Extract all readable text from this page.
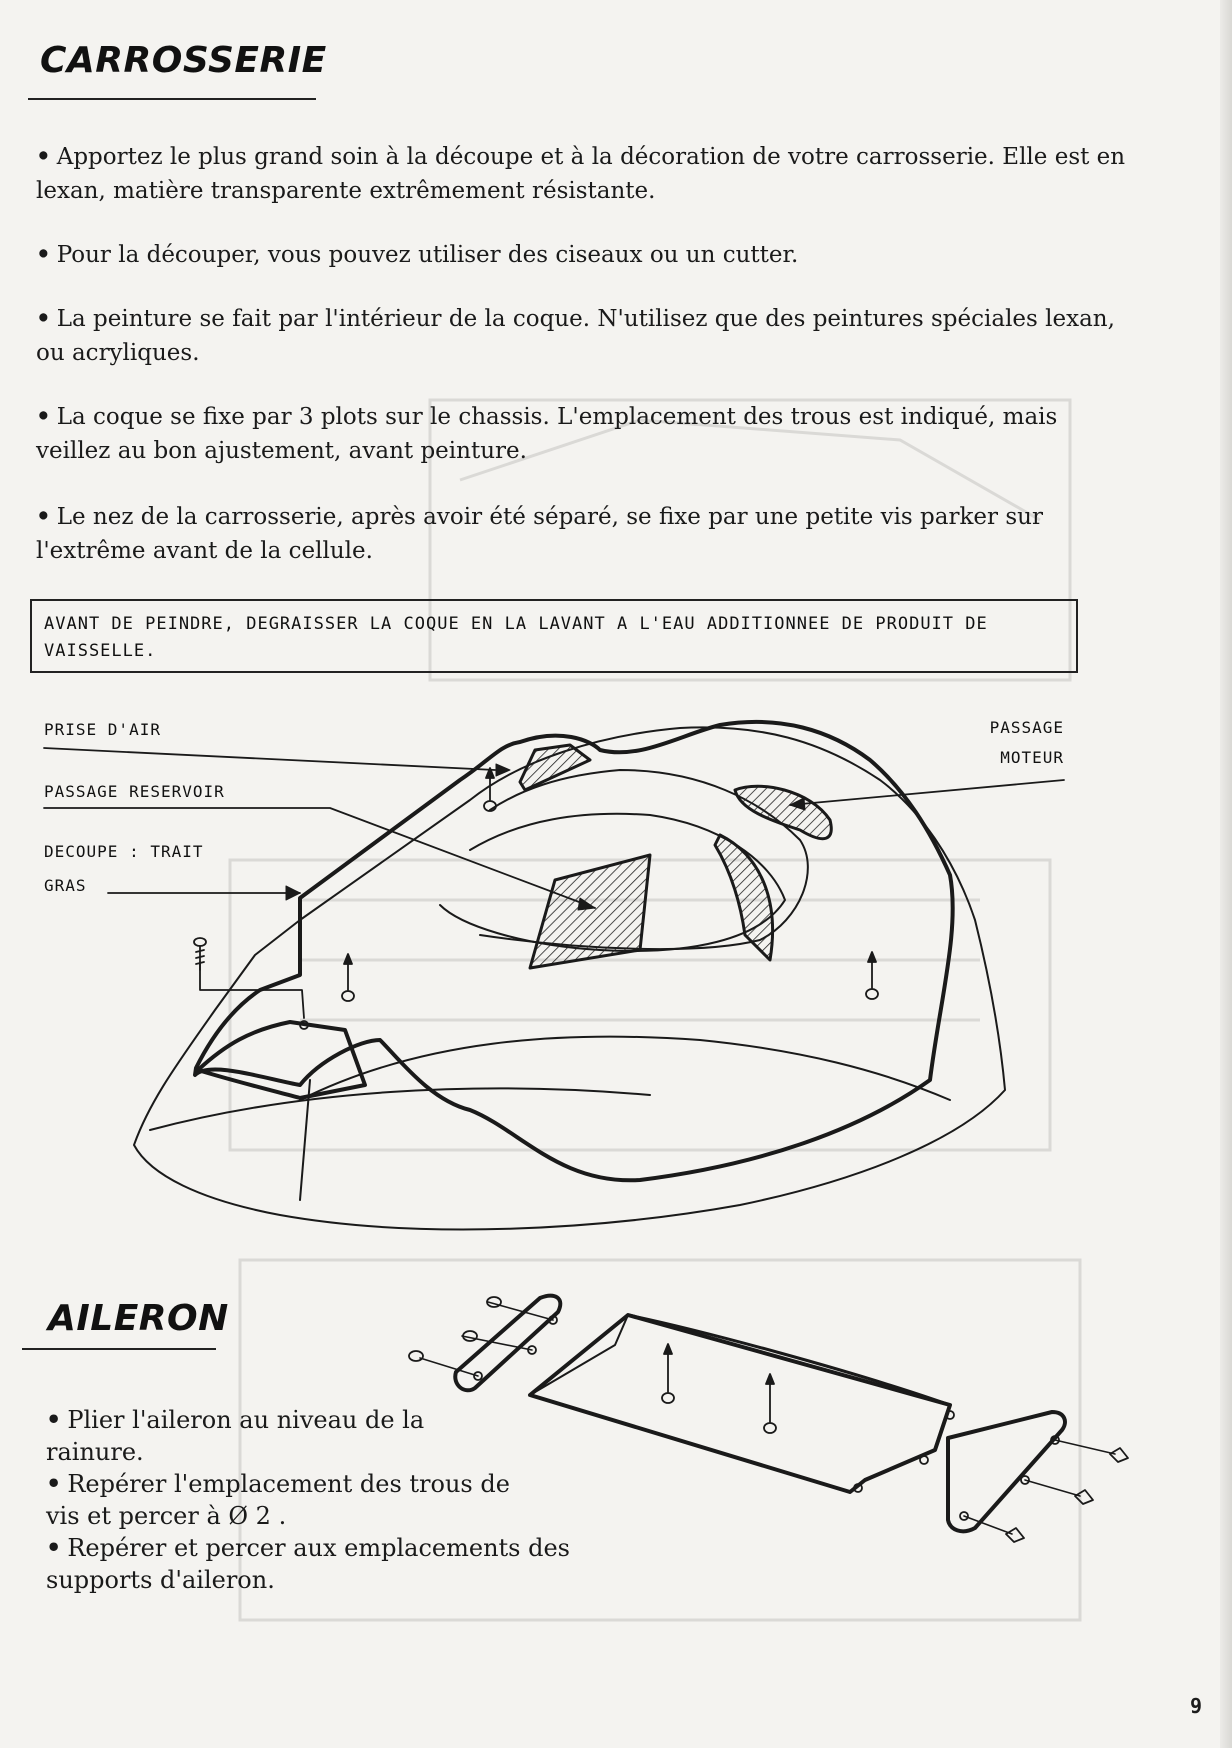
CARROSSERIE

• Apportez le plus grand soin à la découpe et à la décoration de votre carrosserie. Elle est en lexan, matière transparente extrêmement résistante.

• Pour la découper, vous pouvez utiliser des ciseaux ou un cutter.

• La peinture se fait par l'intérieur de la coque. N'utilisez que des peintures spéciales lexan, ou acryliques.

• La coque se fixe par 3 plots sur le chassis. L'emplacement des trous est indiqué, mais veillez au bon ajustement, avant peinture.

• Le nez de la carrosserie, après avoir été séparé, se fixe par une petite vis parker sur l'extrême avant de la cellule.

AVANT DE PEINDRE, DEGRAISSER LA COQUE EN LA LAVANT A L'EAU ADDITIONNEE DE PRODUIT DE VAISSELLE.

PRISE D'AIR

PASSAGE RESERVOIR

DECOUPE : TRAIT

GRAS

PASSAGE

MOTEUR

AILERON

• Plier l'aileron au niveau de la rainure.

• Repérer l'emplacement des trous de vis et percer à Ø 2 .

• Repérer et percer aux emplacements des supports d'aileron.

9
